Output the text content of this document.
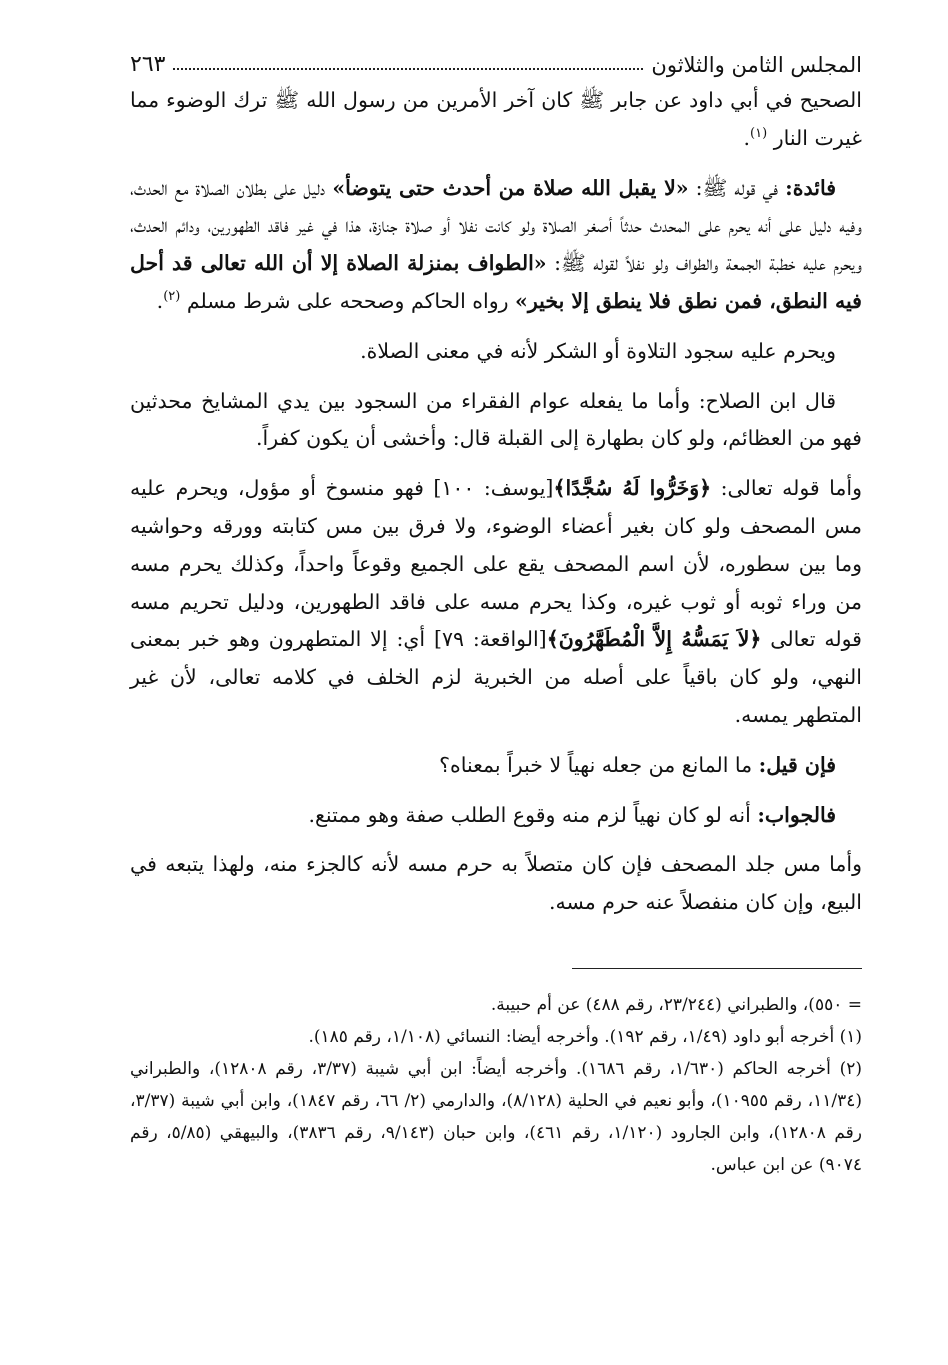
المجلس الثامن والثلاثون
٢٦٣

الصحيح في أبي داود عن جابر ﷺ كان آخر الأمرين من رسول الله ﷺ ترك الوضوء مما غيرت النار $^{(١)}$.

فائدة: في قوله ﷺ: «لا يقبل الله صلاة من أحدث حتى يتوضأ» دليل على بطلان الصلاة مع الحدث، وفيه دليل على أنه يحرم على المحدث حدثاً أصغر الصلاة ولو كانت نفلا أو صلاة جنازة، هذا في غير فاقد الطهورين، ودائم الحدث، ويحرم عليه خطبة الجمعة والطواف ولو نفلاً لقوله ﷺ: «الطواف بمنزلة الصلاة إلا أن الله تعالى قد أحل فيه النطق، فمن نطق فلا ينطق إلا بخير» رواه الحاكم وصححه على شرط مسلم $^{(٢)}$.

ويحرم عليه سجود التلاوة أو الشكر لأنه في معنى الصلاة.

قال ابن الصلاح: وأما ما يفعله عوام الفقراء من السجود بين يدي المشايخ محدثين فهو من العظائم، ولو كان بطهارة إلى القبلة قال: وأخشى أن يكون كفراً.

وأما قوله تعالى: ﴿وَخَرُّوا لَهُ سُجَّدًا﴾[يوسف: ١٠٠] فهو منسوخ أو مؤول، ويحرم عليه مس المصحف ولو كان بغير أعضاء الوضوء، ولا فرق بين مس كتابته وورقه وحواشيه وما بين سطوره، لأن اسم المصحف يقع على الجميع وقوعاً واحداً، وكذلك يحرم مسه من وراء ثوبه أو ثوب غيره، وكذا يحرم مسه على فاقد الطهورين، ودليل تحريم مسه قوله تعالى ﴿لاَ يَمَسُّهُ إِلاَّ الْمُطَهَّرُونَ﴾[الواقعة: ٧٩] أي: إلا المتطهرون وهو خبر بمعنى النهي، ولو كان باقياً على أصله من الخبرية لزم الخلف في كلامه تعالى، لأن غير المتطهر يمسه.

فإن قيل: ما المانع من جعله نهياً لا خبراً بمعناه؟

فالجواب: أنه لو كان نهياً لزم منه وقوع الطلب صفة وهو ممتنع.

وأما مس جلد المصحف فإن كان متصلاً به حرم مسه لأنه كالجزء منه، ولهذا يتبعه في البيع، وإن كان منفصلاً عنه حرم مسه.

= ٥٥٠)، والطبراني (٢٣/٢٤٤، رقم ٤٨٨) عن أم حبيبة.

(١) أخرجه أبو داود (١/٤٩، رقم ١٩٢). وأخرجه أيضا: النسائي (١/١٠٨، رقم ١٨٥).

(٢) أخرجه الحاكم (١/٦٣٠، رقم ١٦٨٦). وأخرجه أيضاً: ابن أبي شيبة (٣/٣٧، رقم ١٢٨٠٨)، والطبراني (١١/٣٤، رقم ١٠٩٥٥)، وأبو نعيم في الحلية (٨/١٢٨)، والدارمي (٢/ ٦٦، رقم ١٨٤٧)، وابن أبي شيبة (٣/٣٧، رقم ١٢٨٠٨)، وابن الجارود (١/١٢٠، رقم ٤٦١)، وابن حبان (٩/١٤٣، رقم ٣٨٣٦)، والبيهقي (٥/٨٥، رقم ٩٠٧٤) عن ابن عباس.
